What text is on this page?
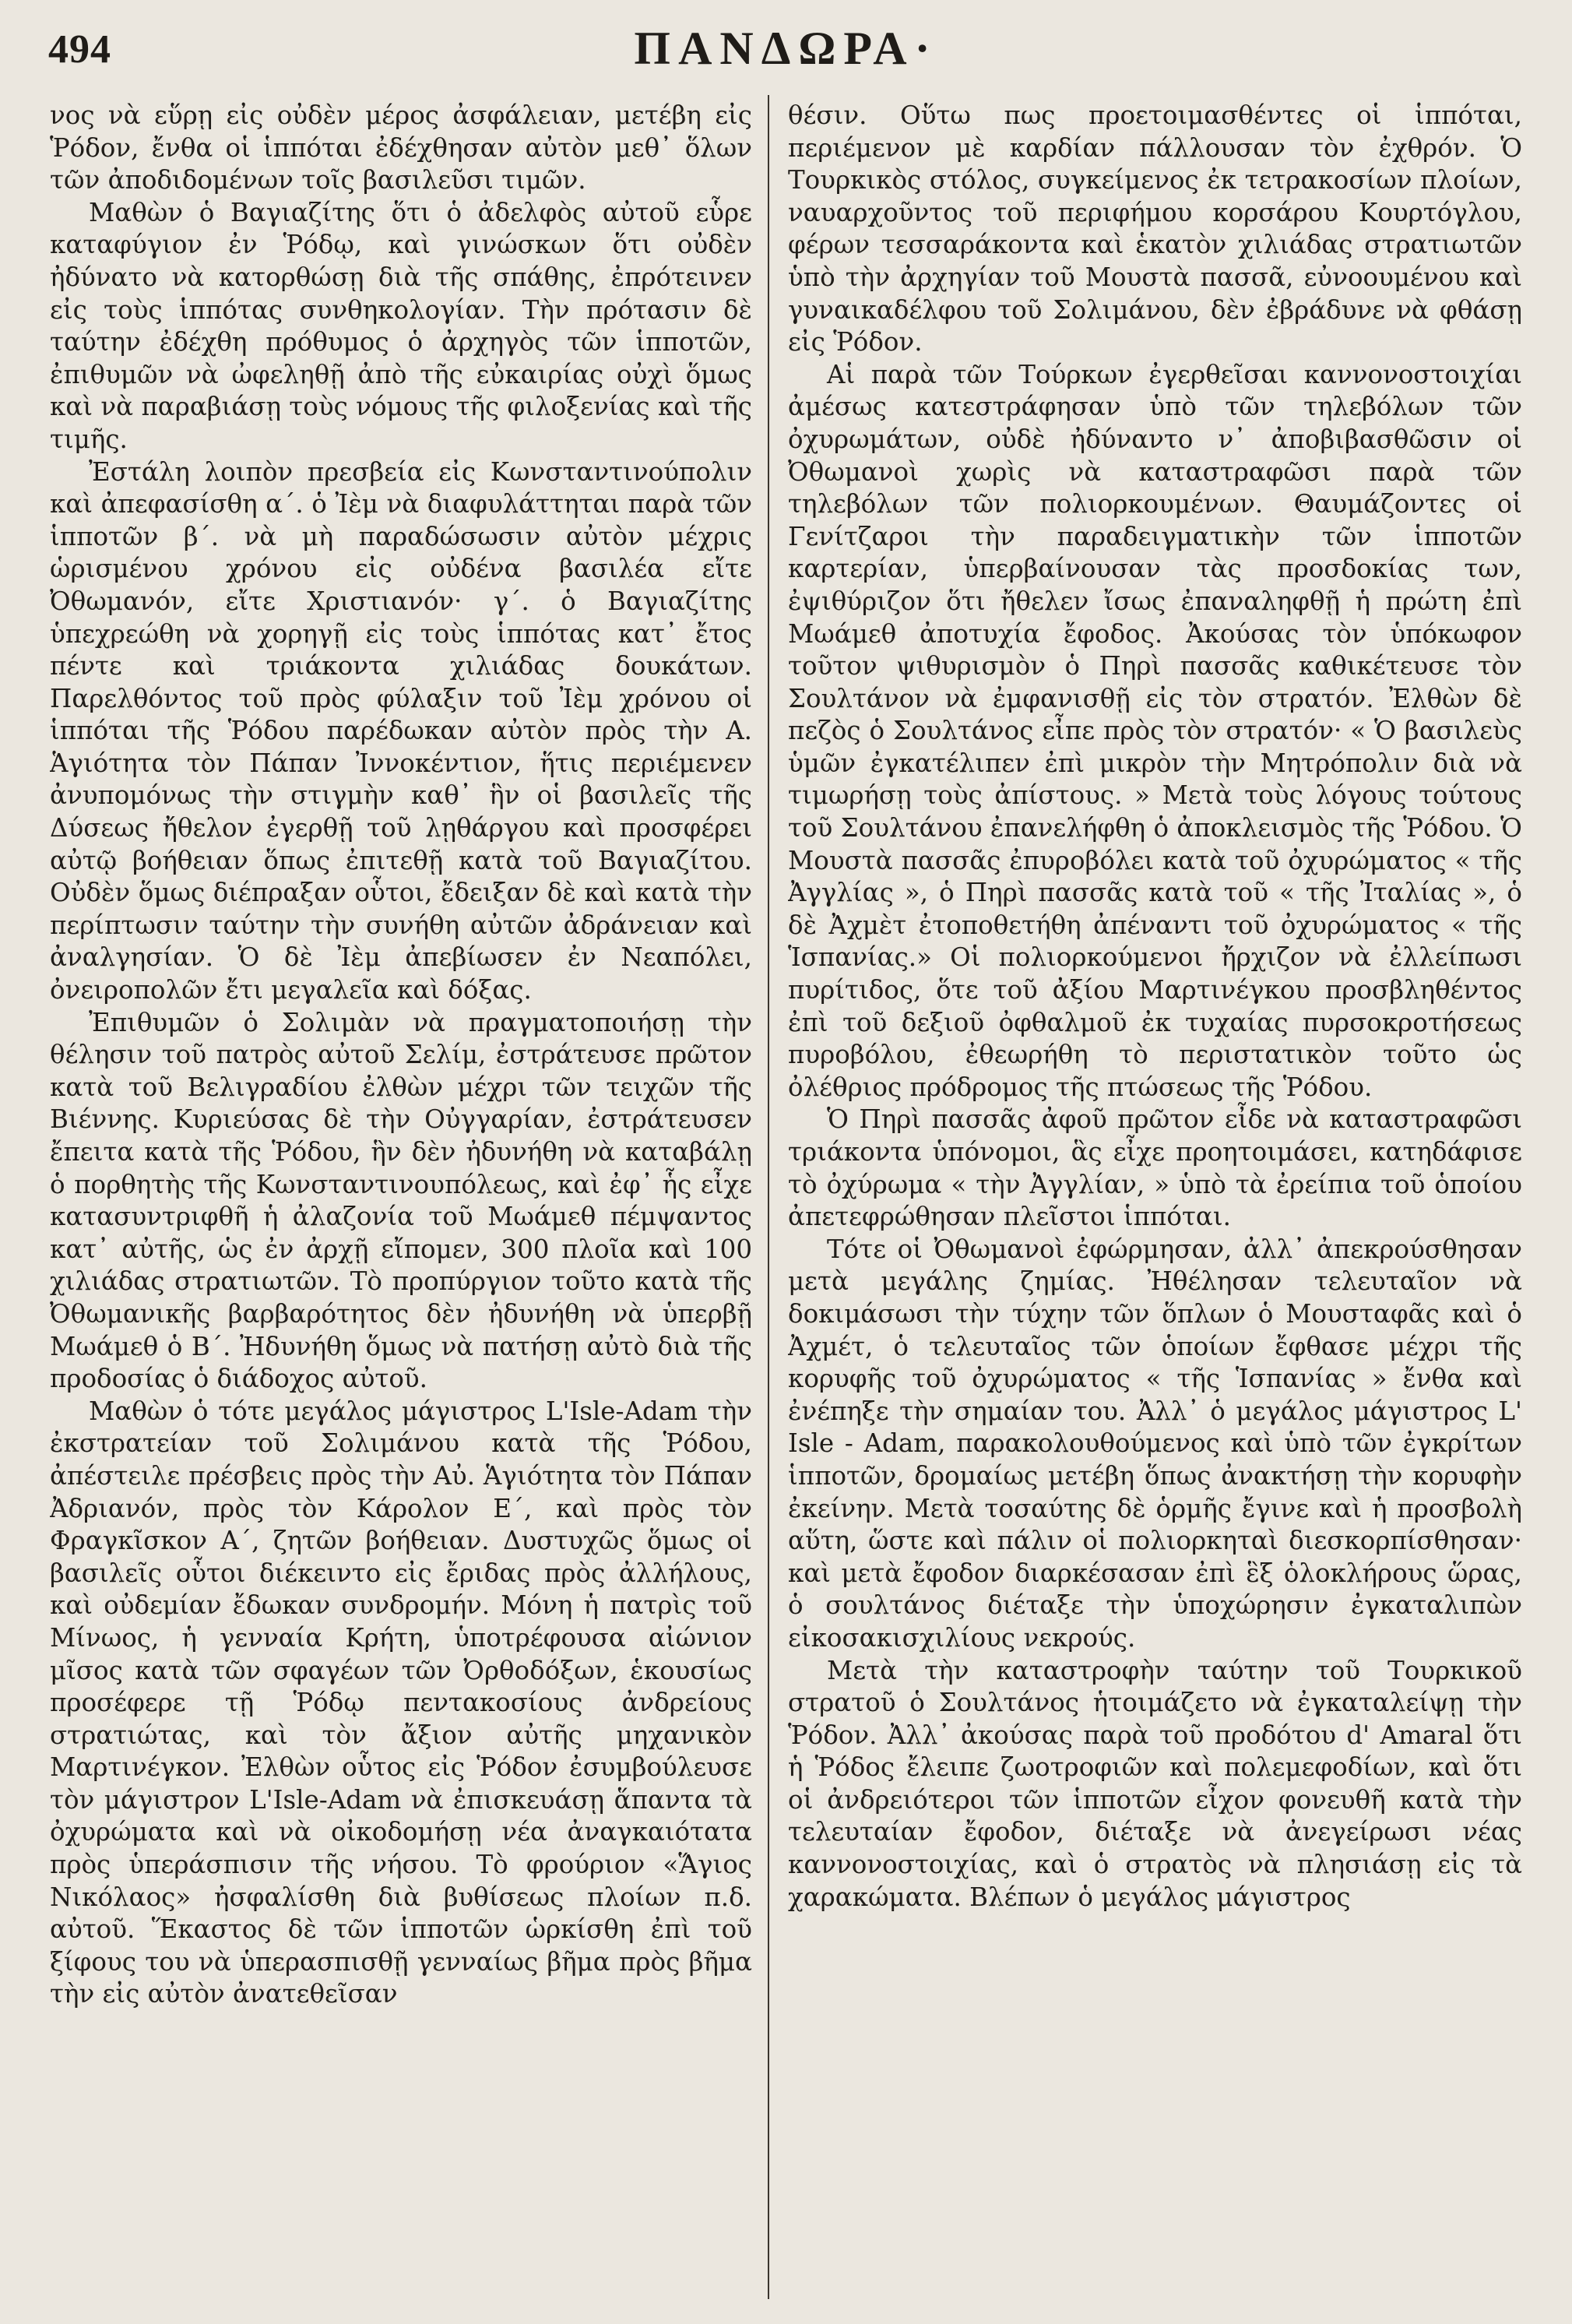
494	ΠΑΝΔΩΡΑ·

νος νὰ εὕρῃ εἰς οὐδὲν μέρος ἀσφάλειαν, μετέβη εἰς Ῥόδον, ἔνθα οἱ ἱππόται ἐδέχθησαν αὐτὸν μεθ᾽ ὅλων τῶν ἀποδιδομένων τοῖς βασιλεῦσι τιμῶν.

Μαθὼν ὁ Βαγιαζίτης ὅτι ὁ ἀδελφὸς αὐτοῦ εὗρε καταφύγιον ἐν Ῥόδῳ, καὶ γινώσκων ὅτι οὐδὲν ἠδύνατο νὰ κατορθώσῃ διὰ τῆς σπάθης, ἐπρότεινεν εἰς τοὺς ἱππότας συνθηκολογίαν. Τὴν πρότασιν δὲ ταύτην ἐδέχθη πρόθυμος ὁ ἀρχηγὸς τῶν ἱπποτῶν, ἐπιθυμῶν νὰ ὠφεληθῇ ἀπὸ τῆς εὐκαιρίας οὐχὶ ὅμως καὶ νὰ παραβιάσῃ τοὺς νόμους τῆς φιλοξενίας καὶ τῆς τιμῆς.

Ἐστάλη λοιπὸν πρεσβεία εἰς Κωνσταντινούπολιν καὶ ἀπεφασίσθη α΄. ὁ Ἰὲμ νὰ διαφυλάττηται παρὰ τῶν ἱπποτῶν β΄. νὰ μὴ παραδώσωσιν αὐτὸν μέχρις ὡρισμένου χρόνου εἰς οὐδένα βασιλέα εἴτε Ὀθωμανόν, εἴτε Χριστιανόν· γ΄. ὁ Βαγιαζίτης ὑπεχρεώθη νὰ χορηγῇ εἰς τοὺς ἱππότας κατ᾽ ἔτος πέντε καὶ τριάκοντα χιλιάδας δουκάτων. Παρελθόντος τοῦ πρὸς φύλαξιν τοῦ Ἰὲμ χρόνου οἱ ἱππόται τῆς Ῥόδου παρέδωκαν αὐτὸν πρὸς τὴν Α. Ἁγιότητα τὸν Πάπαν Ἰννοκέντιον, ἥτις περιέμενεν ἀνυπομόνως τὴν στιγμὴν καθ᾽ ἣν οἱ βασιλεῖς τῆς Δύσεως ἤθελον ἐγερθῇ τοῦ λῃθάργου καὶ προσφέρει αὐτῷ βοήθειαν ὅπως ἐπιτεθῇ κατὰ τοῦ Βαγιαζίτου. Οὐδὲν ὅμως διέπραξαν οὗτοι, ἔδειξαν δὲ καὶ κατὰ τὴν περίπτωσιν ταύτην τὴν συνήθη αὐτῶν ἀδράνειαν καὶ ἀναλγησίαν. Ὁ δὲ Ἰὲμ ἀπεβίωσεν ἐν Νεαπόλει, ὀνειροπολῶν ἔτι μεγαλεῖα καὶ δόξας.

Ἐπιθυμῶν ὁ Σολιμὰν νὰ πραγματοποιήσῃ τὴν θέλησιν τοῦ πατρὸς αὐτοῦ Σελίμ, ἐστράτευσε πρῶτον κατὰ τοῦ Βελιγραδίου ἐλθὼν μέχρι τῶν τειχῶν τῆς Βιέννης. Κυριεύσας δὲ τὴν Οὐγγαρίαν, ἐστράτευσεν ἔπειτα κατὰ τῆς Ῥόδου, ἣν δὲν ἠδυνήθη νὰ καταβάλῃ ὁ πορθητὴς τῆς Κωνσταντινουπόλεως, καὶ ἐφ᾽ ἧς εἶχε κατασυντριφθῆ ἡ ἀλαζονία τοῦ Μωάμεθ πέμψαντος κατ᾽ αὐτῆς, ὡς ἐν ἀρχῇ εἴπομεν, 300 πλοῖα καὶ 100 χιλιάδας στρατιωτῶν. Τὸ προπύργιον τοῦτο κατὰ τῆς Ὀθωμανικῆς βαρβαρότητος δὲν ἠδυνήθη νὰ ὑπερβῇ Μωάμεθ ὁ Β΄. Ἠδυνήθη ὅμως νὰ πατήσῃ αὐτὸ διὰ τῆς προδοσίας ὁ διάδοχος αὐτοῦ.

Μαθὼν ὁ τότε μεγάλος μάγιστρος L'Isle-Adam τὴν ἐκστρατείαν τοῦ Σολιμάνου κατὰ τῆς Ῥόδου, ἀπέστειλε πρέσβεις πρὸς τὴν Αὐ. Ἁγιότητα τὸν Πάπαν Ἀδριανόν, πρὸς τὸν Κάρολον Ε΄, καὶ πρὸς τὸν Φραγκῖσκον Α΄, ζητῶν βοήθειαν. Δυστυχῶς ὅμως οἱ βασιλεῖς οὗτοι διέκειντο εἰς ἔριδας πρὸς ἀλλήλους, καὶ οὐδεμίαν ἔδωκαν συνδρομήν. Μόνη ἡ πατρὶς τοῦ Μίνωος, ἡ γενναία Κρήτη, ὑποτρέφουσα αἰώνιον μῖσος κατὰ τῶν σφαγέων τῶν Ὀρθοδόξων, ἑκουσίως προσέφερε τῇ Ῥόδῳ πεντακοσίους ἀνδρείους στρατιώτας, καὶ τὸν ἄξιον αὐτῆς μηχανικὸν Μαρτινέγκον. Ἐλθὼν οὗτος εἰς Ῥόδον ἐσυμβούλευσε τὸν μάγιστρον L'Isle-Adam νὰ ἐπισκευάσῃ ἅπαντα τὰ ὀχυρώματα καὶ νὰ οἰκοδομήσῃ νέα ἀναγκαιότατα πρὸς ὑπεράσπισιν τῆς νήσου. Τὸ φρούριον «Ἅγιος Νικόλαος» ἠσφαλίσθη διὰ βυθίσεως πλοίων π.δ. αὐτοῦ. Ἕκαστος δὲ τῶν ἱπποτῶν ὡρκίσθη ἐπὶ τοῦ ξίφους του νὰ ὑπερασπισθῇ γενναίως βῆμα πρὸς βῆμα τὴν εἰς αὐτὸν ἀνατεθεῖσαν

θέσιν. Οὕτω πως προετοιμασθέντες οἱ ἱππόται, περιέμενον μὲ καρδίαν πάλλουσαν τὸν ἐχθρόν. Ὁ Τουρκικὸς στόλος, συγκείμενος ἐκ τετρακοσίων πλοίων, ναυαρχοῦντος τοῦ περιφήμου κορσάρου Κουρτόγλου, φέρων τεσσαράκοντα καὶ ἑκατὸν χιλιάδας στρατιωτῶν ὑπὸ τὴν ἀρχηγίαν τοῦ Μουστὰ πασσᾶ, εὐνοουμένου καὶ γυναικαδέλφου τοῦ Σολιμάνου, δὲν ἐβράδυνε νὰ φθάσῃ εἰς Ῥόδον.

Αἱ παρὰ τῶν Τούρκων ἐγερθεῖσαι καννονοστοιχίαι ἀμέσως κατεστράφησαν ὑπὸ τῶν τηλεβόλων τῶν ὀχυρωμάτων, οὐδὲ ἠδύναντο ν᾽ ἀποβιβασθῶσιν οἱ Ὀθωμανοὶ χωρὶς νὰ καταστραφῶσι παρὰ τῶν τηλεβόλων τῶν πολιορκουμένων. Θαυμάζοντες οἱ Γενίτζαροι τὴν παραδειγματικὴν τῶν ἱπποτῶν καρτερίαν, ὑπερβαίνουσαν τὰς προσδοκίας των, ἐψιθύριζον ὅτι ἤθελεν ἴσως ἐπαναληφθῇ ἡ πρώτη ἐπὶ Μωάμεθ ἀποτυχία ἔφοδος. Ἀκούσας τὸν ὑπόκωφον τοῦτον ψιθυρισμὸν ὁ Πηρὶ πασσᾶς καθικέτευσε τὸν Σουλτάνον νὰ ἐμφανισθῇ εἰς τὸν στρατόν. Ἐλθὼν δὲ πεζὸς ὁ Σουλτάνος εἶπε πρὸς τὸν στρατόν· « Ὁ βασιλεὺς ὑμῶν ἐγκατέλιπεν ἐπὶ μικρὸν τὴν Μητρόπολιν διὰ νὰ τιμωρήσῃ τοὺς ἀπίστους. » Μετὰ τοὺς λόγους τούτους τοῦ Σουλτάνου ἐπανελήφθη ὁ ἀποκλεισμὸς τῆς Ῥόδου. Ὁ Μουστὰ πασσᾶς ἐπυροβόλει κατὰ τοῦ ὀχυρώματος « τῆς Ἀγγλίας », ὁ Πηρὶ πασσᾶς κατὰ τοῦ « τῆς Ἰταλίας », ὁ δὲ Ἀχμὲτ ἐτοποθετήθη ἀπέναντι τοῦ ὀχυρώματος « τῆς Ἱσπανίας.» Οἱ πολιορκούμενοι ἤρχιζον νὰ ἐλλείπωσι πυρίτιδος, ὅτε τοῦ ἀξίου Μαρτινέγκου προσβληθέντος ἐπὶ τοῦ δεξιοῦ ὀφθαλμοῦ ἐκ τυχαίας πυρσοκροτήσεως πυροβόλου, ἐθεωρήθη τὸ περιστατικὸν τοῦτο ὡς ὀλέθριος πρόδρομος τῆς πτώσεως τῆς Ῥόδου.

Ὁ Πηρὶ πασσᾶς ἀφοῦ πρῶτον εἶδε νὰ καταστραφῶσι τριάκοντα ὑπόνομοι, ἃς εἶχε προητοιμάσει, κατηδάφισε τὸ ὀχύρωμα « τὴν Ἀγγλίαν, » ὑπὸ τὰ ἐρείπια τοῦ ὁποίου ἀπετεφρώθησαν πλεῖστοι ἱππόται.

Τότε οἱ Ὀθωμανοὶ ἐφώρμησαν, ἀλλ᾽ ἀπεκρούσθησαν μετὰ μεγάλης ζημίας. Ἠθέλησαν τελευταῖον νὰ δοκιμάσωσι τὴν τύχην τῶν ὅπλων ὁ Μουσταφᾶς καὶ ὁ Ἀχμέτ, ὁ τελευταῖος τῶν ὁποίων ἔφθασε μέχρι τῆς κορυφῆς τοῦ ὀχυρώματος « τῆς Ἱσπανίας » ἔνθα καὶ ἐνέπηξε τὴν σημαίαν του. Ἀλλ᾽ ὁ μεγάλος μάγιστρος L' Isle - Adam, παρακολουθούμενος καὶ ὑπὸ τῶν ἐγκρίτων ἱπποτῶν, δρομαίως μετέβη ὅπως ἀνακτήσῃ τὴν κορυφὴν ἐκείνην. Μετὰ τοσαύτης δὲ ὁρμῆς ἔγινε καὶ ἡ προσβολὴ αὕτη, ὥστε καὶ πάλιν οἱ πολιορκηταὶ διεσκορπίσθησαν· καὶ μετὰ ἔφοδον διαρκέσασαν ἐπὶ ἓξ ὁλοκλήρους ὥρας, ὁ σουλτάνος διέταξε τὴν ὑποχώρησιν ἐγκαταλιπὼν εἰκοσακισχιλίους νεκρούς.

Μετὰ τὴν καταστροφὴν ταύτην τοῦ Τουρκικοῦ στρατοῦ ὁ Σουλτάνος ἡτοιμάζετο νὰ ἐγκαταλείψῃ τὴν Ῥόδον. Ἀλλ᾽ ἀκούσας παρὰ τοῦ προδότου d' Amaral ὅτι ἡ Ῥόδος ἔλειπε ζωοτροφιῶν καὶ πολεμεφοδίων, καὶ ὅτι οἱ ἀνδρειότεροι τῶν ἱπποτῶν εἶχον φονευθῆ κατὰ τὴν τελευταίαν ἔφοδον, διέταξε νὰ ἀνεγείρωσι νέας καννονοστοιχίας, καὶ ὁ στρατὸς νὰ πλησιάσῃ εἰς τὰ χαρακώματα. Βλέπων ὁ μεγάλος μάγιστρος
